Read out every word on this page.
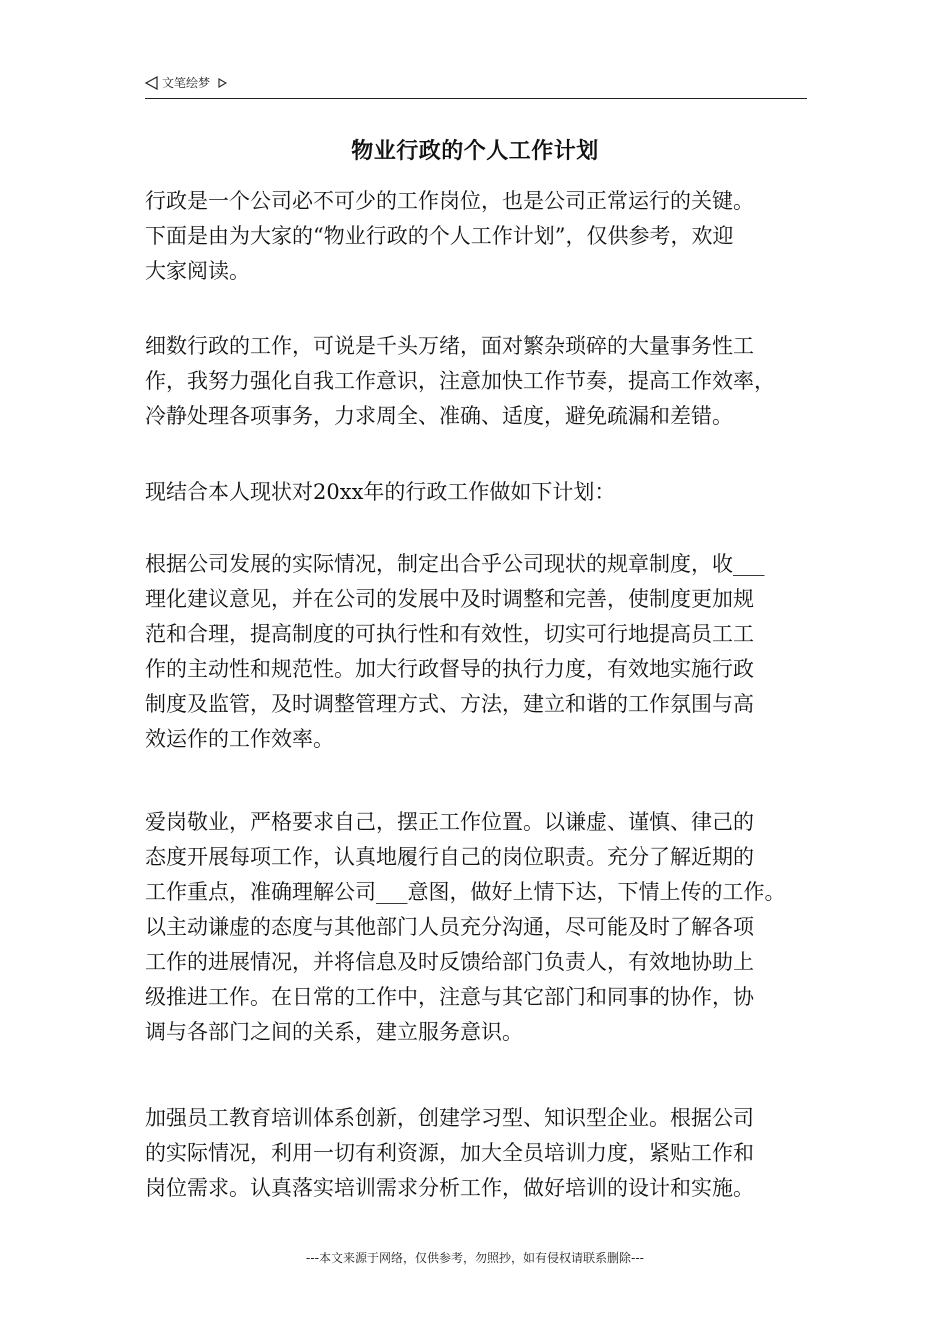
文笔绘梦
物业行政的个人工作计划

行政是一个公司必不可少的工作岗位，也是公司正常运行的关键。
下面是由为大家的“物业行政的个人工作计划”，仅供参考，欢迎
大家阅读。

细数行政的工作，可说是千头万绪，面对繁杂琐碎的大量事务性工
作，我努力强化自我工作意识，注意加快工作节奏，提高工作效率，
冷静处理各项事务，力求周全、准确、适度，避免疏漏和差错。

现结合本人现状对20xx年的行政工作做如下计划：

根据公司发展的实际情况，制定出合乎公司现状的规章制度，收___
理化建议意见，并在公司的发展中及时调整和完善，使制度更加规
范和合理，提高制度的可执行性和有效性，切实可行地提高员工工
作的主动性和规范性。加大行政督导的执行力度，有效地实施行政
制度及监管，及时调整管理方式、方法，建立和谐的工作氛围与高
效运作的工作效率。

爱岗敬业，严格要求自己，摆正工作位置。以谦虚、谨慎、律己的
态度开展每项工作，认真地履行自己的岗位职责。充分了解近期的
工作重点，准确理解公司___意图，做好上情下达，下情上传的工作。
以主动谦虚的态度与其他部门人员充分沟通，尽可能及时了解各项
工作的进展情况，并将信息及时反馈给部门负责人，有效地协助上
级推进工作。在日常的工作中，注意与其它部门和同事的协作，协
调与各部门之间的关系，建立服务意识。

加强员工教育培训体系创新，创建学习型、知识型企业。根据公司
的实际情况，利用一切有利资源，加大全员培训力度，紧贴工作和
岗位需求。认真落实培训需求分析工作，做好培训的设计和实施。

---本文来源于网络，仅供参考，勿照抄，如有侵权请联系删除---
